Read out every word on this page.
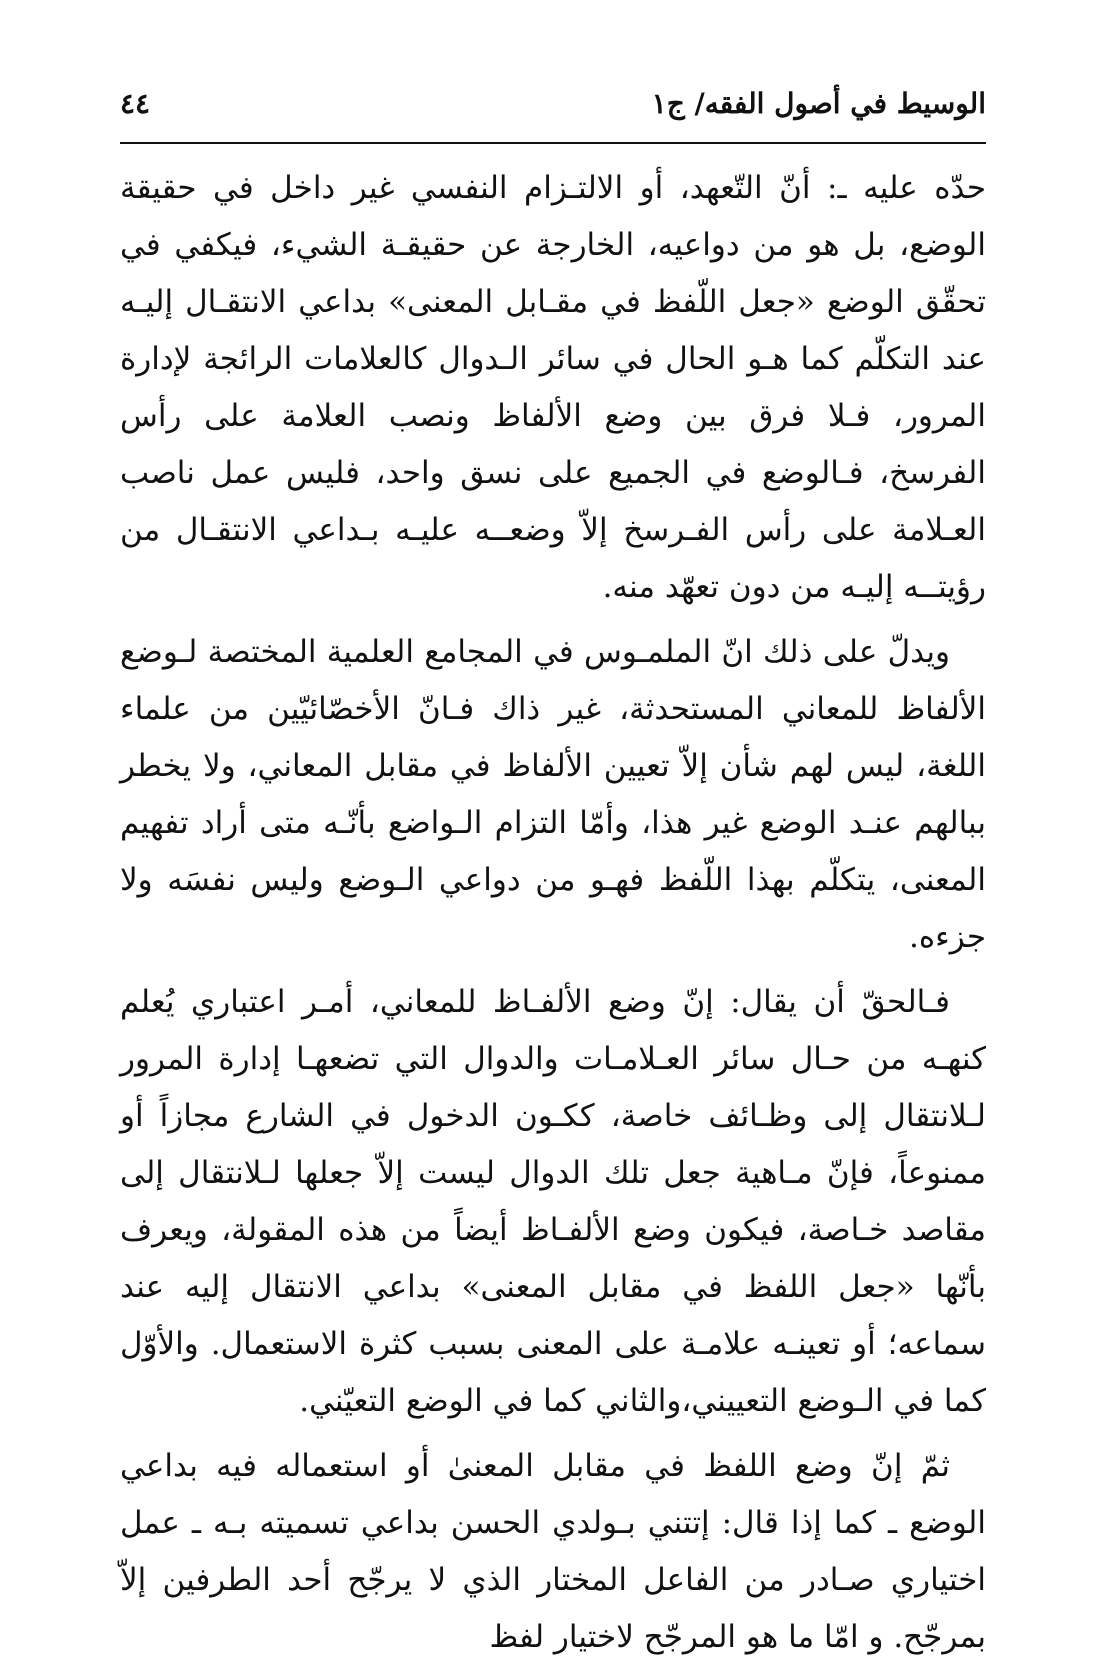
الوسيط في أصول الفقه/ ج١
٤٤

حدّه عليه ـ: أنّ التّعهد، أو الالتـزام النفسي غير داخل في حقيقة الوضع، بل هو من دواعيه، الخارجة عن حقيقـة الشيء، فيكفي في تحقّق الوضع «جعل اللّفظ في مقـابل المعنى» بداعي الانتقـال إليـه عند التكلّم كما هـو الحال في سائر الـدوال كالعلامات الرائجة لإدارة المرور، فـلا فرق بين وضع الألفاظ ونصب العلامة على رأس الفرسخ، فـالوضع في الجميع على نسق واحد، فليس عمل ناصب العـلامة على رأس الفـرسخ إلاّ وضعــه عليـه بـداعي الانتقـال من رؤيتــه إليـه من دون تعهّد منه.

ويدلّ على ذلك انّ الملمـوس في المجامع العلمية المختصة لـوضع الألفاظ للمعاني المستحدثة، غير ذاك فـانّ الأخصّائيّين من علماء اللغة، ليس لهم شأن إلاّ تعيين الألفاظ في مقابل المعاني، ولا يخطر ببالهم عنـد الوضع غير هذا، وأمّا التزام الـواضع بأنّـه متى أراد تفهيم المعنى، يتكلّم بهذا اللّفظ فهـو من دواعي الـوضع وليس نفسَه ولا جزءه.

فـالحقّ أن يقال: إنّ وضع الألفـاظ للمعاني، أمـر اعتباري يُعلم كنهـه من حـال سائر العـلامـات والدوال التي تضعهـا إدارة المرور لـلانتقال إلى وظـائف خاصة، ككـون الدخول في الشارع مجازاً أو ممنوعاً، فإنّ مـاهية جعل تلك الدوال ليست إلاّ جعلها لـلانتقال إلى مقاصد خـاصة، فيكون وضع الألفـاظ أيضاً من هذه المقولة، ويعرف بأنّها «جعل اللفظ في مقابل المعنى» بداعي الانتقال إليه عند سماعه؛ أو تعينـه علامـة على المعنى بسبب كثرة الاستعمال. والأوّل كما في الـوضع التعييني،والثاني كما في الوضع التعيّني.

ثمّ إنّ وضع اللفظ في مقابل المعنىٰ أو استعماله فيه بداعي الوضع ـ كما إذا قال: إتتني بـولدي الحسن بداعي تسميته بـه ـ عمل اختياري صـادر من الفاعل المختار الذي لا يرجّح أحد الطرفين إلاّ بمرجّح. و امّا ما هو المرجّح لاختيار لفظ
